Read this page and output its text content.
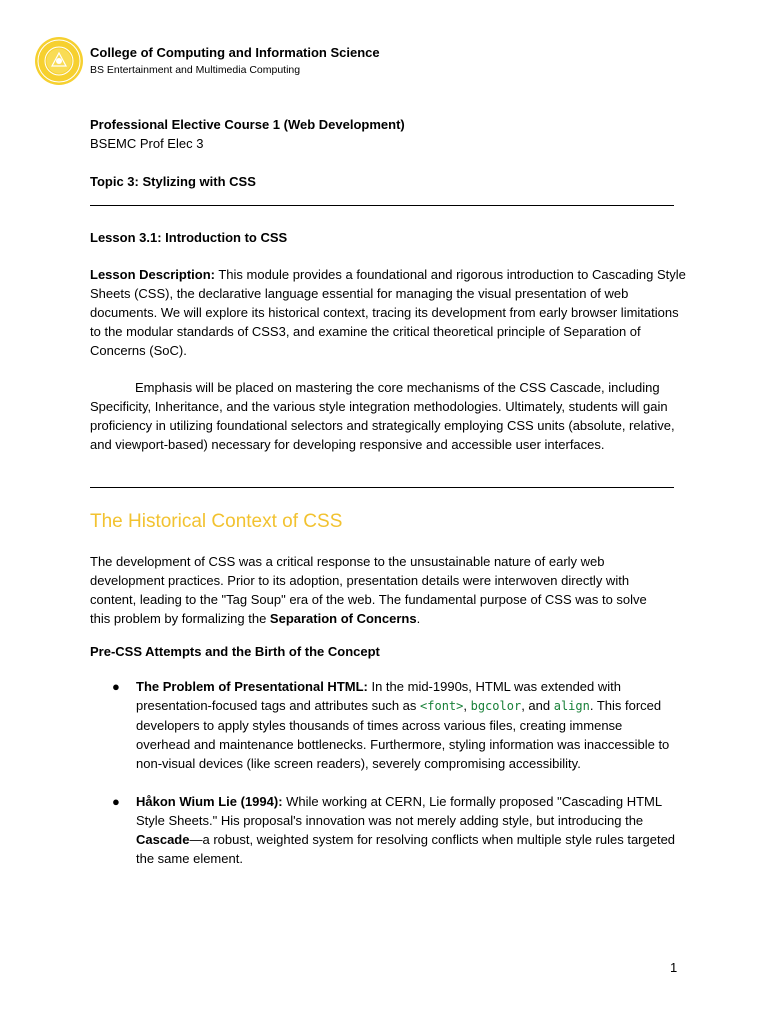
College of Computing and Information Science
BS Entertainment and Multimedia Computing
Professional Elective Course 1 (Web Development)
BSEMC Prof Elec 3
Topic 3: Stylizing with CSS
Lesson 3.1: Introduction to CSS
Lesson Description: This module provides a foundational and rigorous introduction to Cascading Style Sheets (CSS), the declarative language essential for managing the visual presentation of web documents. We will explore its historical context, tracing its development from early browser limitations to the modular standards of CSS3, and examine the critical theoretical principle of Separation of Concerns (SoC).
Emphasis will be placed on mastering the core mechanisms of the CSS Cascade, including Specificity, Inheritance, and the various style integration methodologies. Ultimately, students will gain proficiency in utilizing foundational selectors and strategically employing CSS units (absolute, relative, and viewport-based) necessary for developing responsive and accessible user interfaces.
The Historical Context of CSS
The development of CSS was a critical response to the unsustainable nature of early web development practices. Prior to its adoption, presentation details were interwoven directly with content, leading to the "Tag Soup" era of the web. The fundamental purpose of CSS was to solve this problem by formalizing the Separation of Concerns.
Pre-CSS Attempts and the Birth of the Concept
● The Problem of Presentational HTML: In the mid-1990s, HTML was extended with presentation-focused tags and attributes such as <font>, bgcolor, and align. This forced developers to apply styles thousands of times across various files, creating immense overhead and maintenance bottlenecks. Furthermore, styling information was inaccessible to non-visual devices (like screen readers), severely compromising accessibility.
● Håkon Wium Lie (1994): While working at CERN, Lie formally proposed "Cascading HTML Style Sheets." His proposal's innovation was not merely adding style, but introducing the Cascade—a robust, weighted system for resolving conflicts when multiple style rules targeted the same element.
1
